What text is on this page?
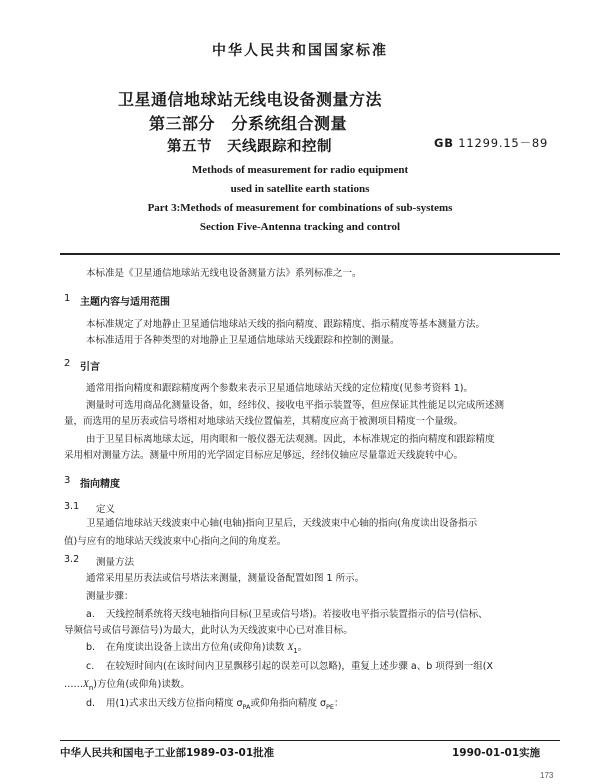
中华人民共和国国家标准
卫星通信地球站无线电设备测量方法
第三部分　分系统组合测量
第五节　天线跟踪和控制	GB 11299.15－89
Methods of measurement for radio equipment
used in satellite earth stations
Part 3:Methods of measurement for combinations of sub-systems
Section Five-Antenna tracking and control
本标准是《卫星通信地球站无线电设备测量方法》系列标准之一。
1 主题内容与适用范围
本标准规定了对地静止卫星通信地球站天线的指向精度、跟踪精度、指示精度等基本测量方法。
本标准适用于各种类型的对地静止卫星通信地球站天线跟踪和控制的测量。
2 引言
通常用指向精度和跟踪精度两个参数来表示卫星通信地球站天线的定位精度(见参考资料 1)。
测量时可选用商品化测量设备，如，经纬仪、接收电平指示装置等，但应保证其性能足以完成所述测
量，而选用的星历表或信号塔相对地球站天线位置偏差，其精度应高于被测项目精度一个量级。
由于卫星目标离地球太远，用肉眼和一般仪器无法观测。因此，本标准规定的指向精度和跟踪精度
采用相对测量方法。测量中所用的光学固定目标应足够远，经纬仪轴应尽量靠近天线旋转中心。
3 指向精度
3.1 定义
卫星通信地球站天线波束中心轴(电轴)指向卫星后，天线波束中心轴的指向(角度读出设备指示
值)与应有的地球站天线波束中心指向之间的角度差。
3.2 测量方法
通常采用星历表法或信号塔法来测量，测量设备配置如图 1 所示。
测量步骤：
a. 天线控制系统将天线电轴指向目标(卫星或信号塔)。若接收电平指示装置指示的信号(信标、
导频信号或信号源信号)为最大，此时认为天线波束中心已对准目标。
b. 在角度读出设备上读出方位角(或仰角)读数 $X_1$。
c. 在较短时间内(在该时间内卫星飘移引起的误差可以忽略)，重复上述步骤 a、b 项得到一组(X
$\dots\dots X_n$)方位角(或仰角)读数。
d. 用(1)式求出天线方位指向精度 $\sigma_{PA}$或仰角指向精度 $\sigma_{PE}$：
中华人民共和国电子工业部1989-03-01批准	1990-01-01实施
173
